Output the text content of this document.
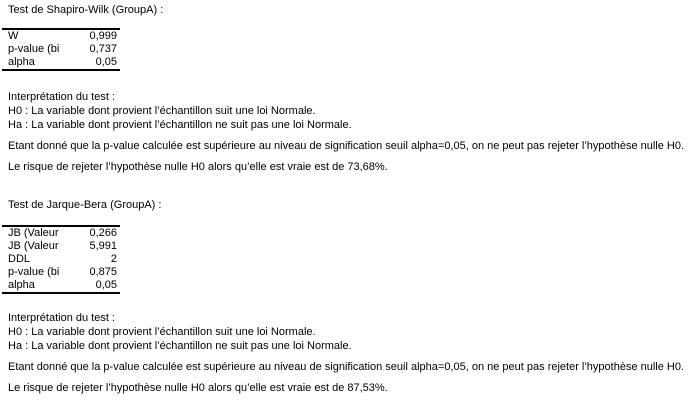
Test de Shapiro-Wilk (GroupA) :
W	0,999
p-value (bi	0,737
alpha	0,05
Interprétation du test :
H0 : La variable dont provient l’échantillon suit une loi Normale.
Ha : La variable dont provient l’échantillon ne suit pas une loi Normale.
Etant donné que la p-value calculée est supérieure au niveau de signification seuil alpha=0,05, on ne peut pas rejeter l’hypothèse nulle H0.
Le risque de rejeter l’hypothèse nulle H0 alors qu’elle est vraie est de 73,68%.
Test de Jarque-Bera (GroupA) :
JB (Valeur	0,266
JB (Valeur	5,991
DDL	2
p-value (bi	0,875
alpha	0,05
Interprétation du test :
H0 : La variable dont provient l’échantillon suit une loi Normale.
Ha : La variable dont provient l’échantillon ne suit pas une loi Normale.
Etant donné que la p-value calculée est supérieure au niveau de signification seuil alpha=0,05, on ne peut pas rejeter l’hypothèse nulle H0.
Le risque de rejeter l’hypothèse nulle H0 alors qu’elle est vraie est de 87,53%.
